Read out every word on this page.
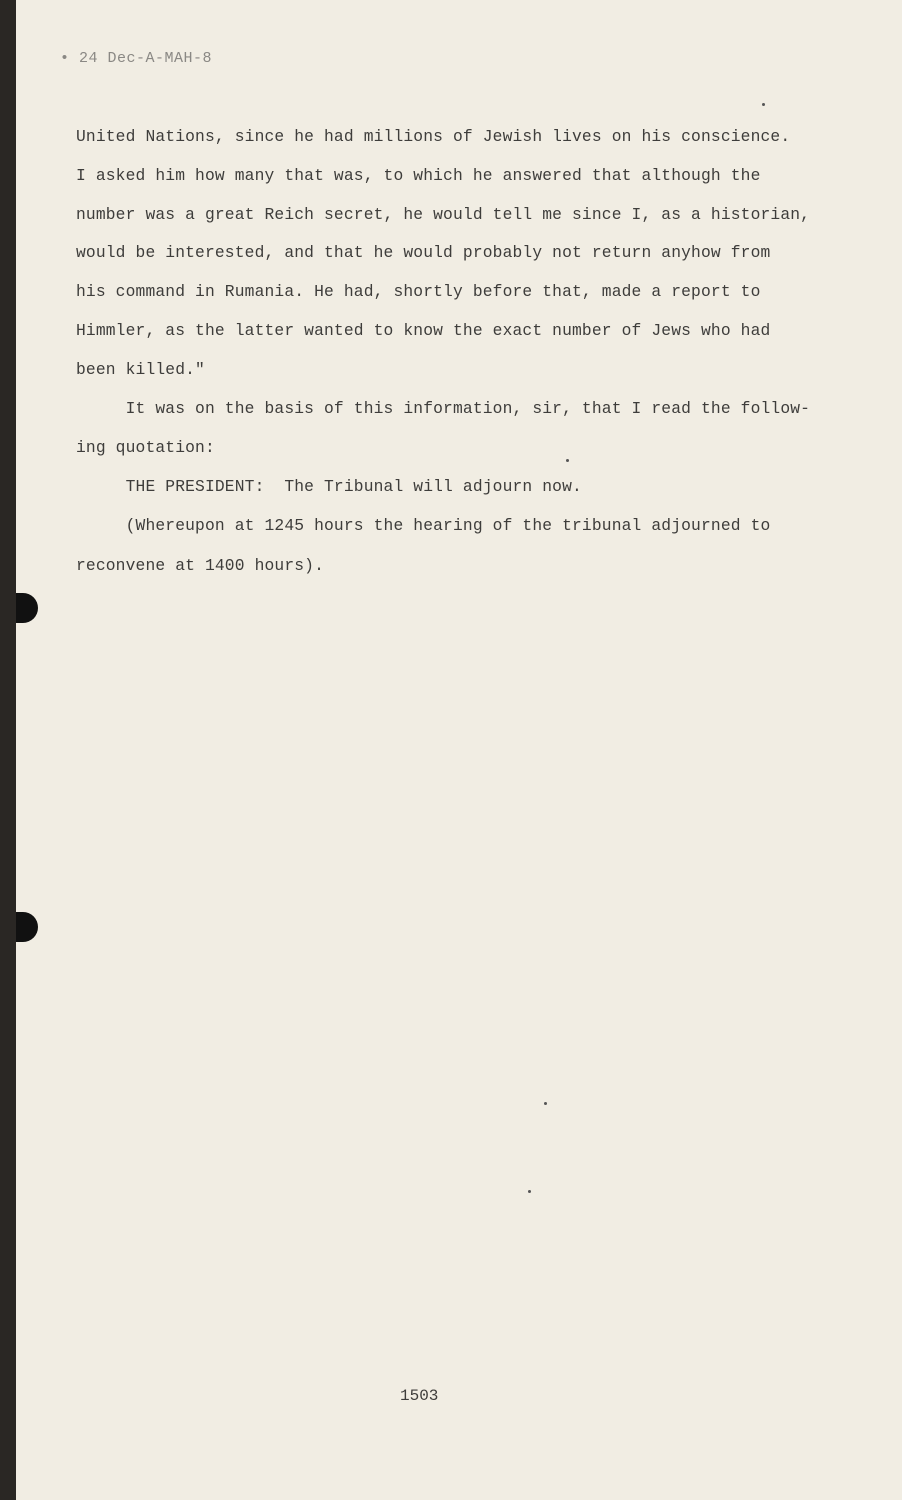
• 24 Dec-A-MAH-8
United Nations, since he had millions of Jewish lives on his conscience.
I asked him how many that was, to which he answered that although the
number was a great Reich secret, he would tell me since I, as a historian,
would be interested, and that he would probably not return anyhow from
his command in Rumania. He had, shortly before that, made a report to
Himmler, as the latter wanted to know the exact number of Jews who had
been killed."
It was on the basis of this information, sir, that I read the follow-
ing quotation:
THE PRESIDENT:  The Tribunal will adjourn now.
(Whereupon at 1245 hours the hearing of the tribunal adjourned to
reconvene at 1400 hours).
1503
